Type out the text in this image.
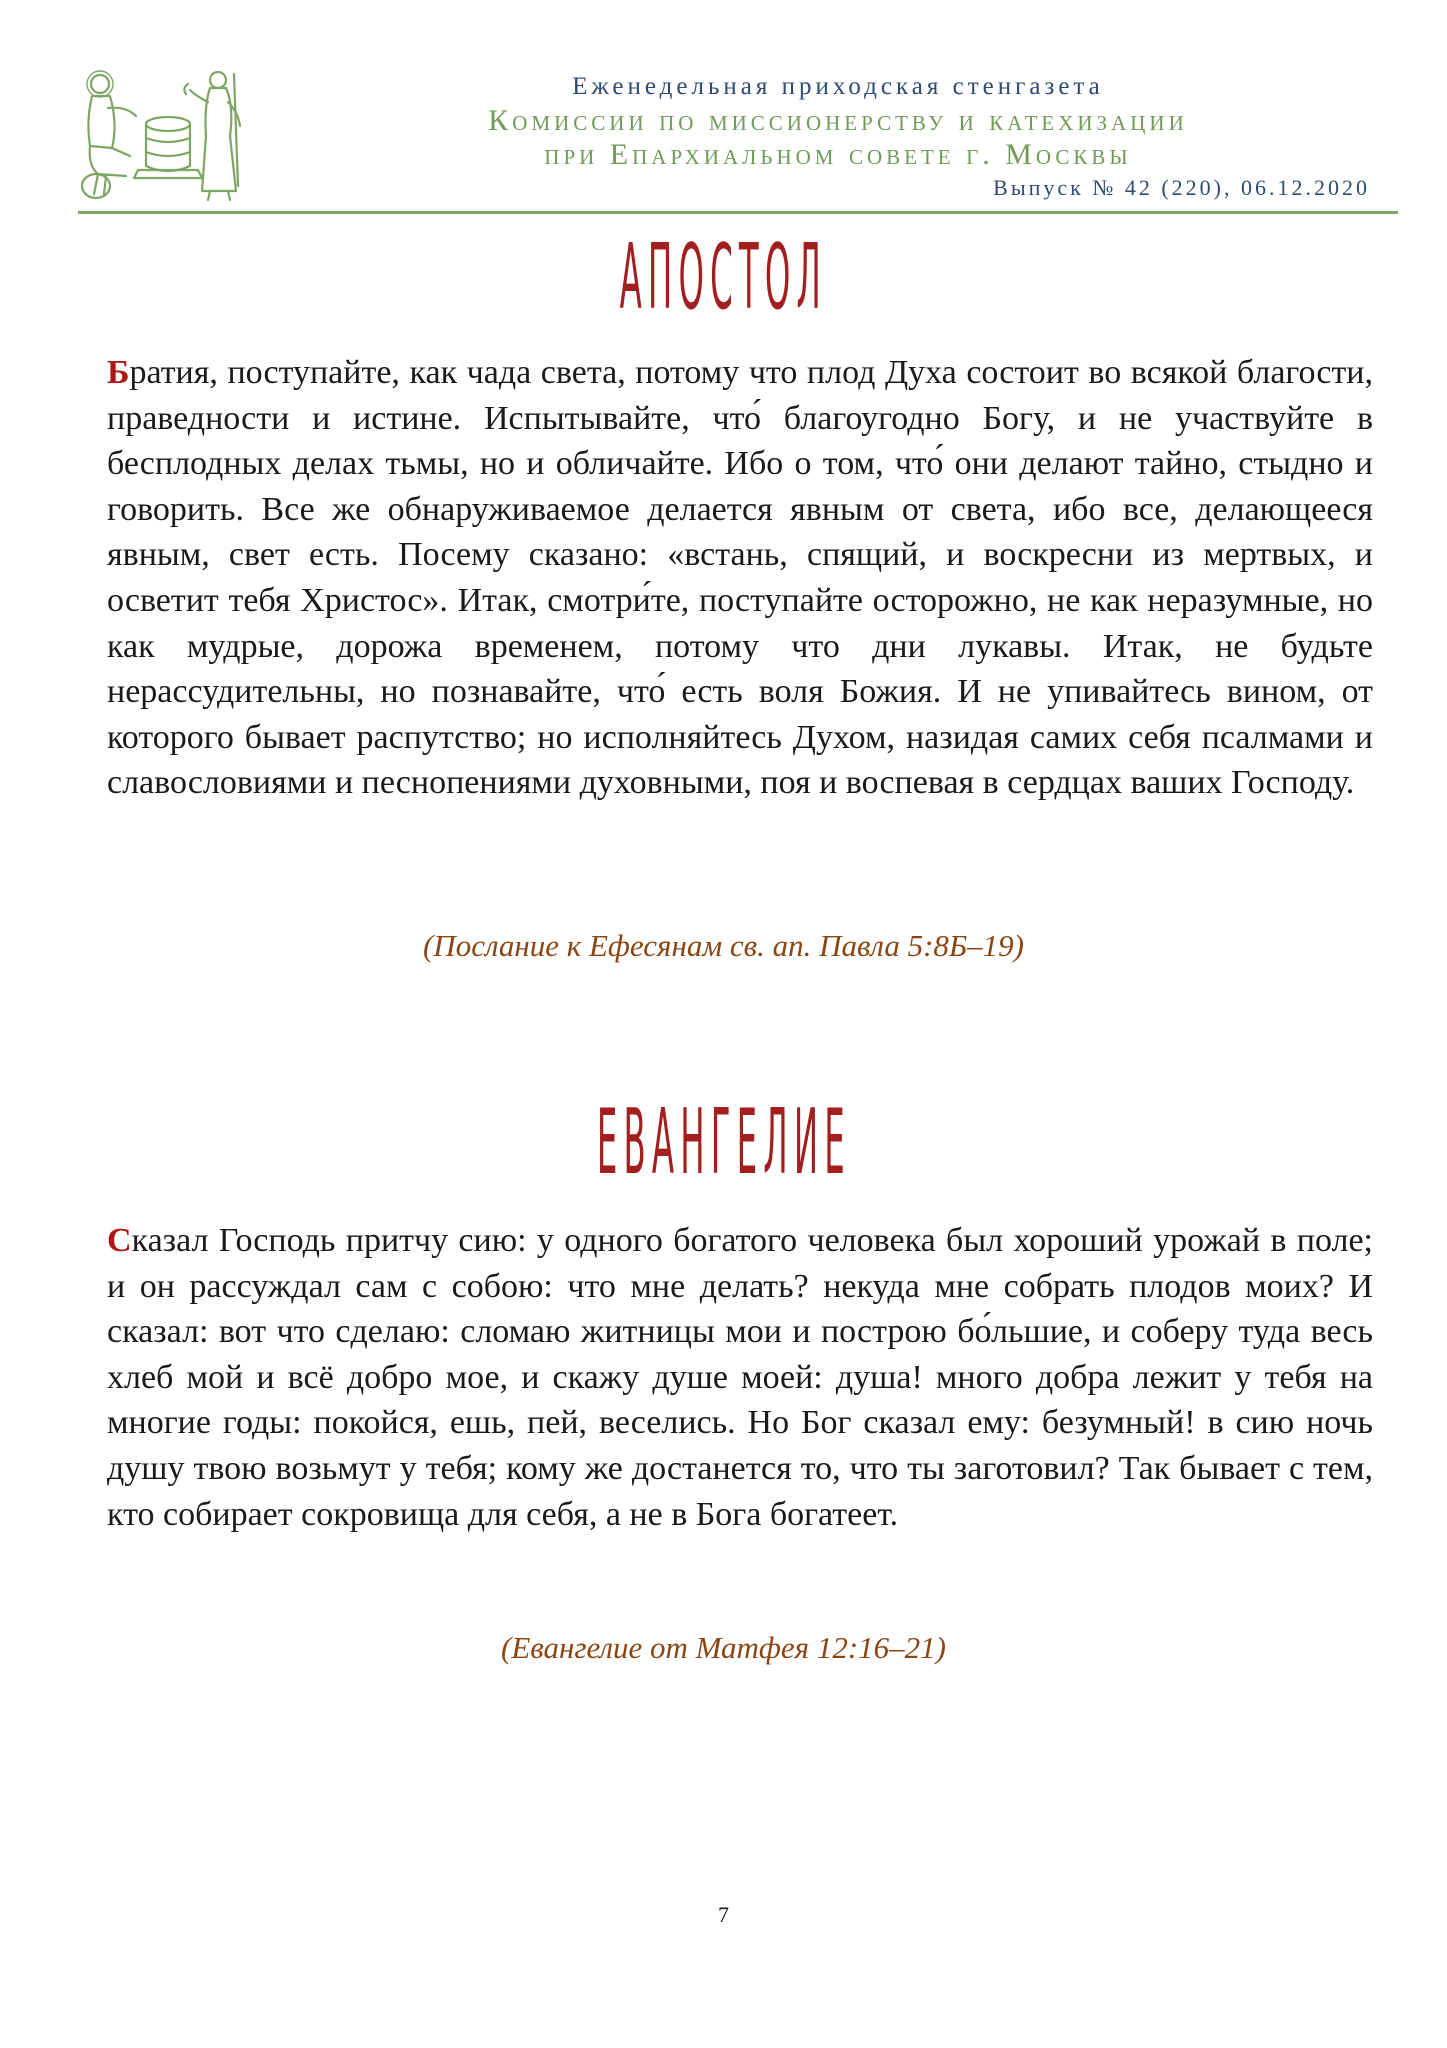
Еженедельная приходская стенгазета
Комиссии по миссионерству и катехизации
при Епархиальном совете г. Москвы
Выпуск № 42 (220), 06.12.2020
АПОСТОЛ
Братия, поступайте, как чада света, потому что плод Духа состоит во всякой благости, праведности и истине. Испытывайте, что́ благоугодно Богу, и не участвуйте в бесплодных делах тьмы, но и обличайте. Ибо о том, что́ они делают тайно, стыдно и говорить. Все же обнаруживаемое делается явным от света, ибо все, делающееся явным, свет есть. Посему сказано: «встань, спящий, и воскресни из мертвых, и осветит тебя Христос». Итак, смотри́те, поступайте осторожно, не как неразумные, но как мудрые, дорожа временем, потому что дни лукавы. Итак, не будьте нерассудительны, но познавайте, что́ есть воля Божия. И не упивайтесь вином, от которого бывает распутство; но исполняйтесь Духом, назидая самих себя псалмами и славословиями и песнопениями духовными, поя и воспевая в сердцах ваших Господу.
(Послание к Ефесянам св. ап. Павла 5:8Б–19)
ЕВАНГЕЛИЕ
Сказал Господь притчу сию: у одного богатого человека был хороший урожай в поле; и он рассуждал сам с собою: что мне делать? некуда мне собрать плодов моих? И сказал: вот что сделаю: сломаю житницы мои и построю бо́льшие, и соберу туда весь хлеб мой и всё добро мое, и скажу душе моей: душа! много добра лежит у тебя на многие годы: покойся, ешь, пей, веселись. Но Бог сказал ему: безумный! в сию ночь душу твою возьмут у тебя; кому же достанется то, что ты заготовил? Так бывает с тем, кто собирает сокровища для себя, а не в Бога богатеет.
(Евангелие от Матфея 12:16–21)
7
